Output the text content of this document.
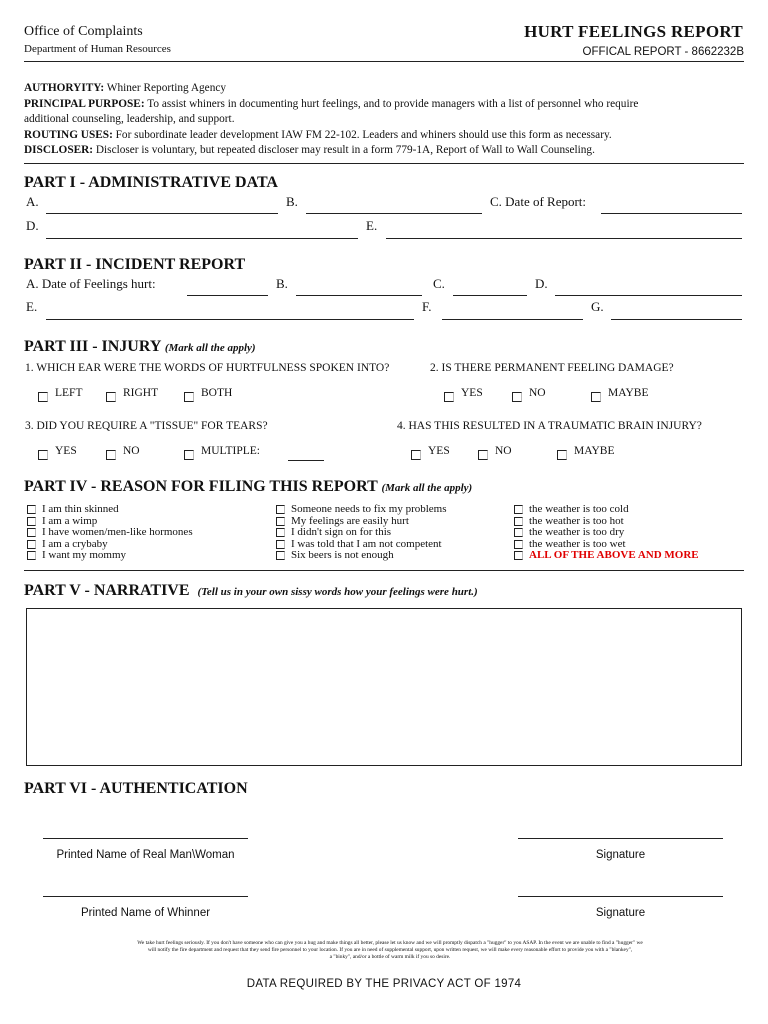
Office of Complaints
Department of Human Resources
HURT FEELINGS REPORT
OFFICAL REPORT - 8662232B
AUTHORYITY: Whiner Reporting Agency
PRINCIPAL PURPOSE: To assist whiners in documenting hurt feelings, and to provide managers with a list of personnel who require
additional counseling, leadership, and support.
ROUTING USES: For subordinate leader development IAW FM 22-102. Leaders and whiners should use this form as necessary.
DISCLOSER: Discloser is voluntary, but repeated discloser may result in a form 779-1A, Report of Wall to Wall Counseling.
PART I - ADMINISTRATIVE DATA
A.	B.	C. Date of Report:
D.	E.
PART II - INCIDENT REPORT
A. Date of Feelings hurt:	B.	C.	D.
E.	F.	G.
PART III - INJURY (Mark all the apply)
1. WHICH EAR WERE THE WORDS OF HURTFULNESS SPOKEN INTO?	2. IS THERE PERMANENT FEELING DAMAGE?
LEFT	RIGHT	BOTH	YES	NO	MAYBE
3. DID YOU REQUIRE A "TISSUE" FOR TEARS?	4. HAS THIS RESULTED IN A TRAUMATIC BRAIN INJURY?
YES	NO	MULTIPLE:	YES	NO	MAYBE
PART IV - REASON FOR FILING THIS REPORT (Mark all the apply)
I am thin skinned
I am a wimp
I have women/men-like hormones
I am a crybaby
I want my mommy
Someone needs to fix my problems
My feelings are easily hurt
I didn't sign on for this
I was told that I am not competent
Six beers is not enough
the weather is too cold
the weather is too hot
the weather is too dry
the weather is too wet
ALL OF THE ABOVE AND MORE
PART V - NARRATIVE (Tell us in your own sissy words how your feelings were hurt.)
PART VI - AUTHENTICATION
Printed Name of Real Man\Woman	Signature
Printed Name of Whinner	Signature
We take hurt feelings seriously. If you don't have someone who can give you a hug and make things all better, please let us know and we will promptly dispatch a "hugger" to you ASAP. In the event we are unable to find a "hugger" we
will notify the fire department and request that they send fire personnel to your location. If you are in need of supplemental support, upon written request, we will make every reasonable effort to provide you with a "blankey",
a "binky", and/or a bottle of warm milk if you so desire.
DATA REQUIRED BY THE PRIVACY ACT OF 1974
